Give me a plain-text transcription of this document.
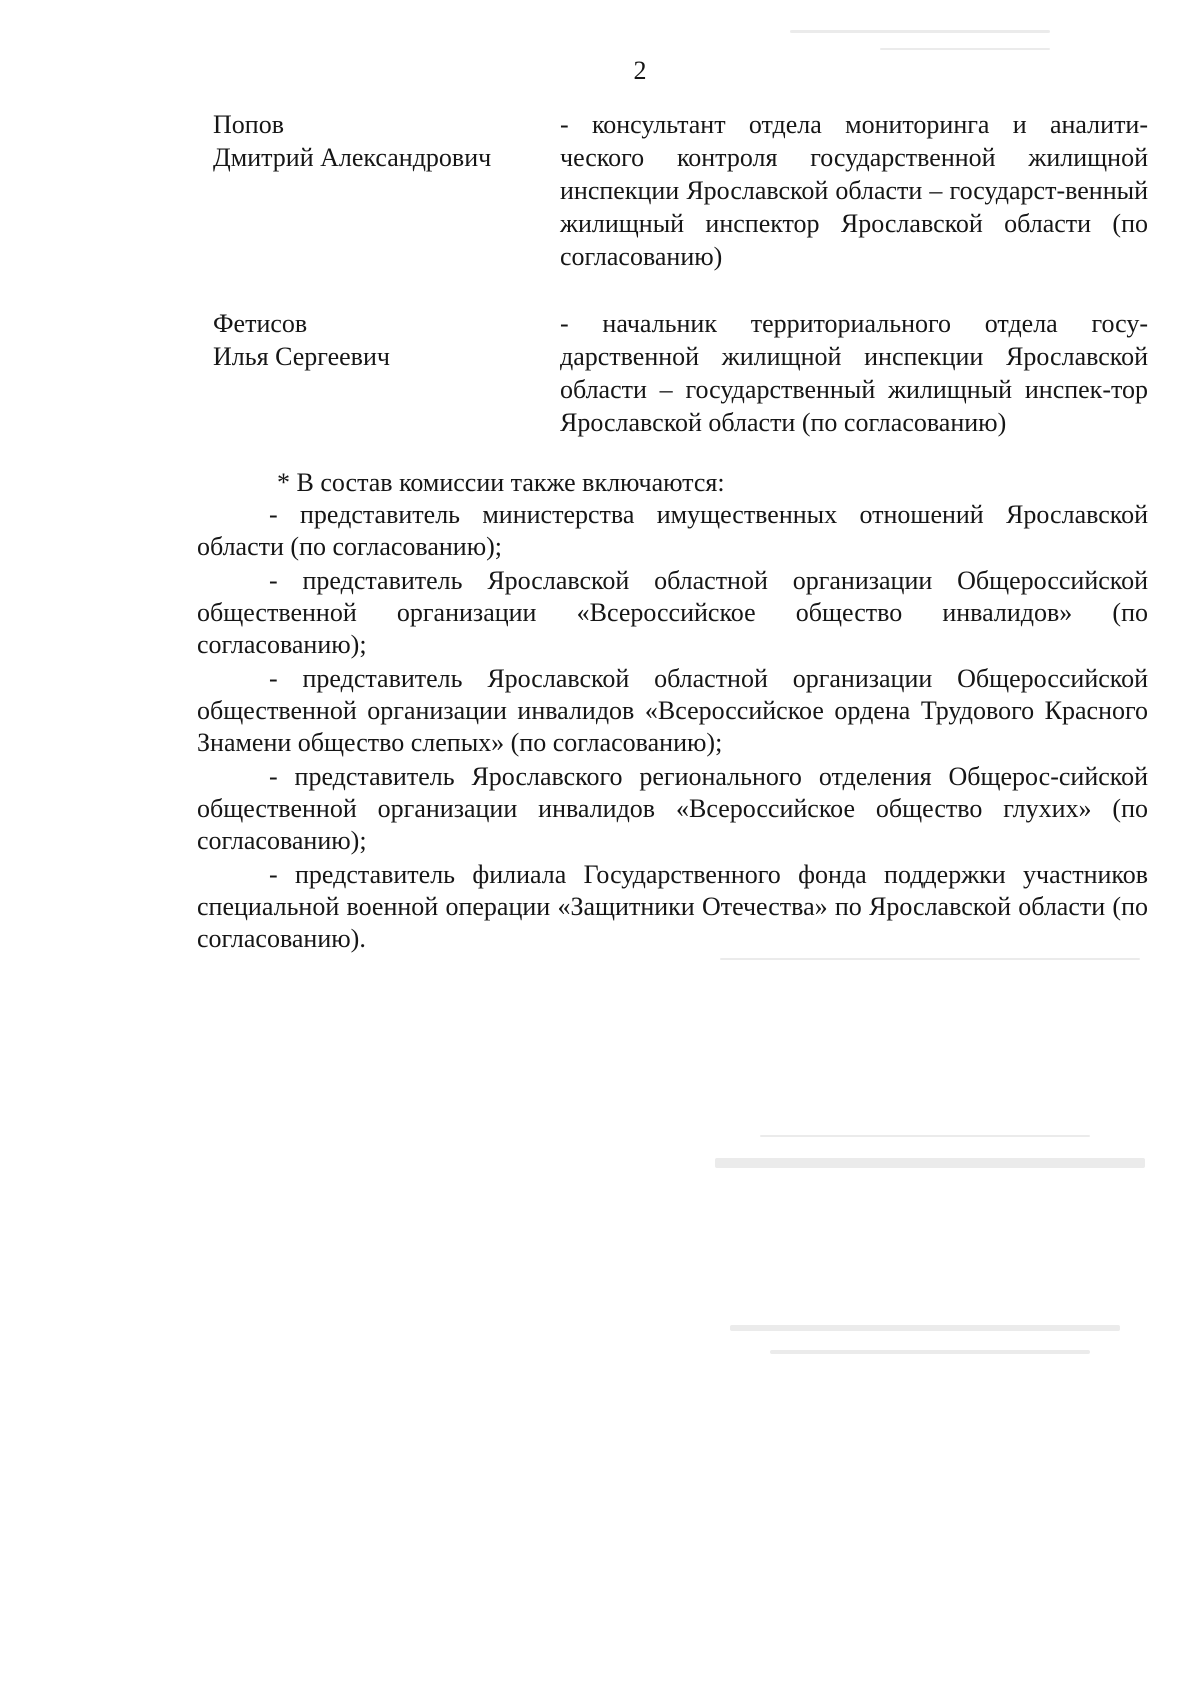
2
Попов
Дмитрий Александрович
- консультант отдела мониторинга и аналити-ческого контроля государственной жилищной инспекции Ярославской области – государст-венный жилищный инспектор Ярославской области (по согласованию)
Фетисов
Илья Сергеевич
- начальник территориального отдела госу-дарственной жилищной инспекции Ярославской области – государственный жилищный инспек-тор Ярославской области (по согласованию)

* В состав комиссии также включаются:

- представитель министерства имущественных отношений Ярославской области (по согласованию);
- представитель Ярославской областной организации Общероссийской общественной организации «Всероссийское общество инвалидов» (по согласованию);
- представитель Ярославской областной организации Общероссийской общественной организации инвалидов «Всероссийское ордена Трудового Красного Знамени общество слепых» (по согласованию);
- представитель Ярославского регионального отделения Общерос-сийской общественной организации инвалидов «Всероссийское общество глухих» (по согласованию);
- представитель филиала Государственного фонда поддержки участников специальной военной операции «Защитники Отечества» по Ярославской области (по согласованию).
